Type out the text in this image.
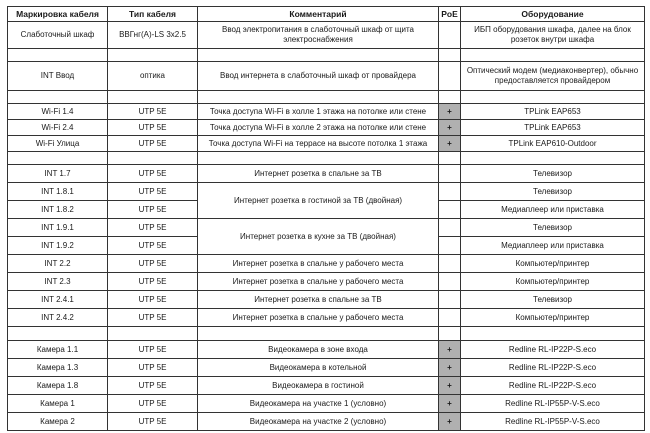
Маркировка кабеля	Тип кабеля	Комментарий	PoE	Оборудование
Слаботочный шкаф	ВВГнг(А)-LS 3x2.5	Ввод электропитания в слаботочный шкаф от щита электроснабжения		ИБП оборудования шкафа, далее на блок розеток внутри шкафа

INT Ввод	оптика	Ввод интернета в слаботочный шкаф от провайдера		Оптический модем (медиаконвертер), обычно предоставляется провайдером

Wi-Fi 1.4	UTP 5E	Точка доступа Wi-Fi в холле 1 этажа на потолке или стене	+	TPLink EAP653
Wi-Fi 2.4	UTP 5E	Точка доступа Wi-Fi в холле 2 этажа на потолке или стене	+	TPLink EAP653
Wi-Fi Улица	UTP 5E	Точка доступа Wi-Fi на террасе на высоте потолка 1 этажа	+	TPLink EAP610-Outdoor

INT 1.7	UTP 5E	Интернет розетка в спальне за ТВ		Телевизор
INT 1.8.1	UTP 5E	Интернет розетка в гостиной за ТВ (двойная)		Телевизор
INT 1.8.2	UTP 5E			Медиаплеер или приставка
INT 1.9.1	UTP 5E	Интернет розетка в кухне за ТВ (двойная)		Телевизор
INT 1.9.2	UTP 5E			Медиаплеер или приставка
INT 2.2	UTP 5E	Интернет розетка в спальне у рабочего места		Компьютер/принтер
INT 2.3	UTP 5E	Интернет розетка в спальне у рабочего места		Компьютер/принтер
INT 2.4.1	UTP 5E	Интернет розетка в спальне за ТВ		Телевизор
INT 2.4.2	UTP 5E	Интернет розетка в спальне у рабочего места		Компьютер/принтер

Камера 1.1	UTP 5E	Видеокамера в зоне входа	+	Redline RL-IP22P-S.eco
Камера 1.3	UTP 5E	Видеокамера в котельной	+	Redline RL-IP22P-S.eco
Камера 1.8	UTP 5E	Видеокамера в гостиной	+	Redline RL-IP22P-S.eco
Камера 1	UTP 5E	Видеокамера на участке 1 (условно)	+	Redline RL-IP55P-V-S.eco
Камера 2	UTP 5E	Видеокамера на участке 2 (условно)	+	Redline RL-IP55P-V-S.eco
